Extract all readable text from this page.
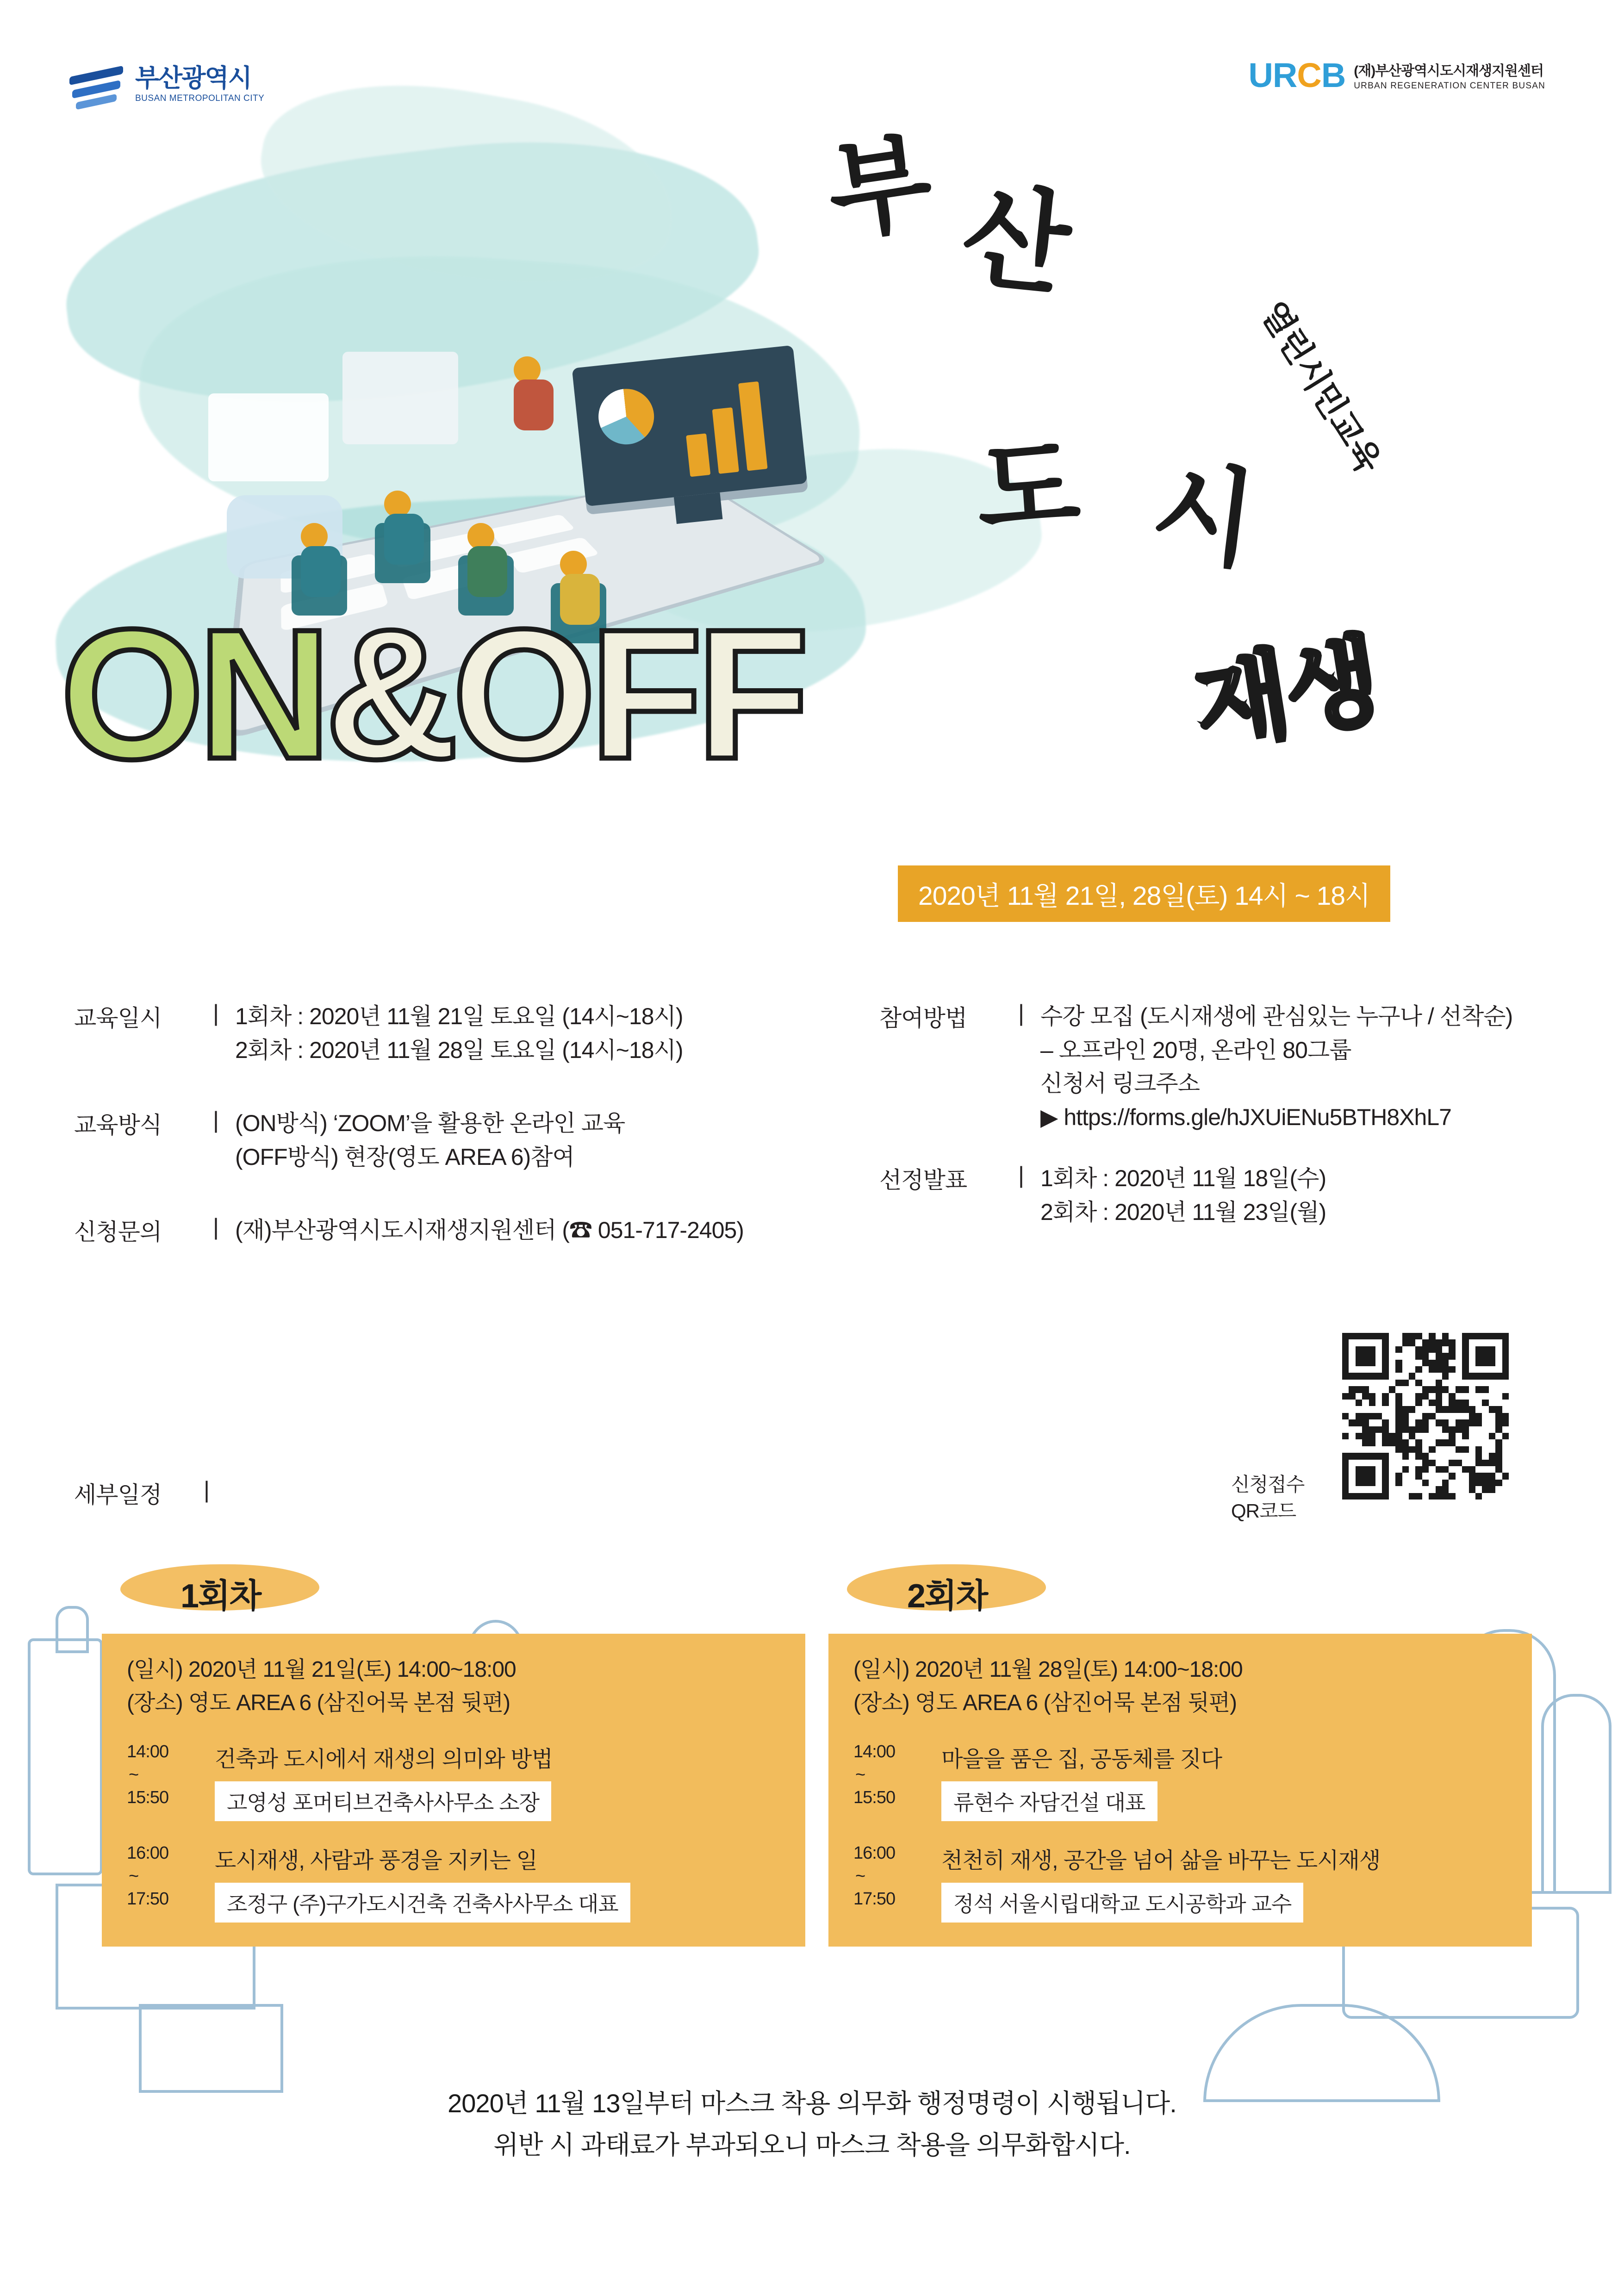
부산광역시
BUSAN METROPOLITAN CITY
URCB (재)부산광역시도시재생지원센터
URBAN REGENERATION CENTER BUSAN
부 산
도 시
열린시민교육
재생
ON&OFF
2020년 11월 21일, 28일(토) 14시 ~ 18시
교육일시	| 1회차 : 2020년 11월 21일 토요일 (14시~18시)
2회차 : 2020년 11월 28일 토요일 (14시~18시)
교육방식	| (ON방식) ‘ZOOM’을 활용한 온라인 교육
(OFF방식) 현장(영도 AREA 6)참여
신청문의	| (재)부산광역시도시재생지원센터 (☎ 051-717-2405)
참여방법	| 수강 모집 (도시재생에 관심있는 누구나 / 선착순)
– 오프라인 20명, 온라인 80그룹
신청서 링크주소
▶ https://forms.gle/hJXUiENu5BTH8XhL7
선정발표	| 1회차 : 2020년 11월 18일(수)
2회차 : 2020년 11월 23일(월)
신청접수
QR코드
세부일정 |
1회차
(일시) 2020년 11월 21일(토) 14:00~18:00
(장소) 영도 AREA 6 (삼진어묵 본점 뒷편)
14:00
~
15:50
건축과 도시에서 재생의 의미와 방법
고영성 포머티브건축사사무소 소장
16:00
~
17:50
도시재생, 사람과 풍경을 지키는 일
조정구 (주)구가도시건축 건축사사무소 대표
2회차
(일시) 2020년 11월 28일(토) 14:00~18:00
(장소) 영도 AREA 6 (삼진어묵 본점 뒷편)
14:00
~
15:50
마을을 품은 집, 공동체를 짓다
류현수 자담건설 대표
16:00
~
17:50
천천히 재생, 공간을 넘어 삶을 바꾸는 도시재생
정석 서울시립대학교 도시공학과 교수
2020년 11월 13일부터 마스크 착용 의무화 행정명령이 시행됩니다.
위반 시 과태료가 부과되오니 마스크 착용을 의무화합시다.
